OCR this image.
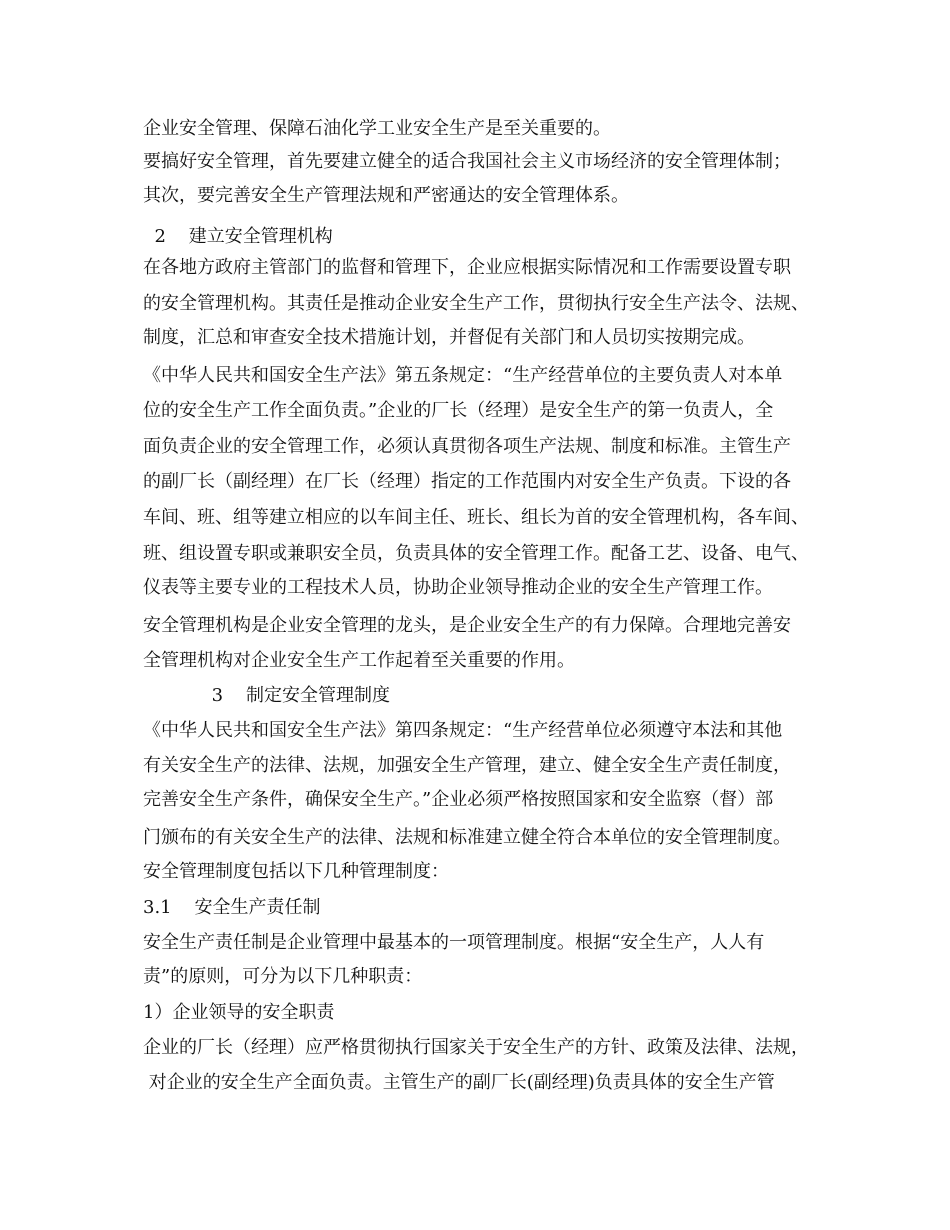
企业安全管理、保障石油化学工业安全生产是至关重要的。
要搞好安全管理，首先要建立健全的适合我国社会主义市场经济的安全管理体制；
其次，要完善安全生产管理法规和严密通达的安全管理体系。
2    建立安全管理机构
在各地方政府主管部门的监督和管理下，企业应根据实际情况和工作需要设置专职
的安全管理机构。其责任是推动企业安全生产工作，贯彻执行安全生产法令、法规、
制度，汇总和审查安全技术措施计划，并督促有关部门和人员切实按期完成。
《中华人民共和国安全生产法》第五条规定：“生产经营单位的主要负责人对本单
位的安全生产工作全面负责。”企业的厂长（经理）是安全生产的第一负责人，全
面负责企业的安全管理工作，必须认真贯彻各项生产法规、制度和标准。主管生产
的副厂长（副经理）在厂长（经理）指定的工作范围内对安全生产负责。下设的各
车间、班、组等建立相应的以车间主任、班长、组长为首的安全管理机构，各车间、
班、组设置专职或兼职安全员，负责具体的安全管理工作。配备工艺、设备、电气、
仪表等主要专业的工程技术人员，协助企业领导推动企业的安全生产管理工作。
安全管理机构是企业安全管理的龙头，是企业安全生产的有力保障。合理地完善安
全管理机构对企业安全生产工作起着至关重要的作用。
3    制定安全管理制度
《中华人民共和国安全生产法》第四条规定：“生产经营单位必须遵守本法和其他
有关安全生产的法律、法规，加强安全生产管理，建立、健全安全生产责任制度，
完善安全生产条件，确保安全生产。”企业必须严格按照国家和安全监察（督）部
门颁布的有关安全生产的法律、法规和标准建立健全符合本单位的安全管理制度。
安全管理制度包括以下几种管理制度：
3.1    安全生产责任制
安全生产责任制是企业管理中最基本的一项管理制度。根据“安全生产，人人有
责”的原则，可分为以下几种职责：
1）企业领导的安全职责
企业的厂长（经理）应严格贯彻执行国家关于安全生产的方针、政策及法律、法规，
对企业的安全生产全面负责。主管生产的副厂长(副经理)负责具体的安全生产管
